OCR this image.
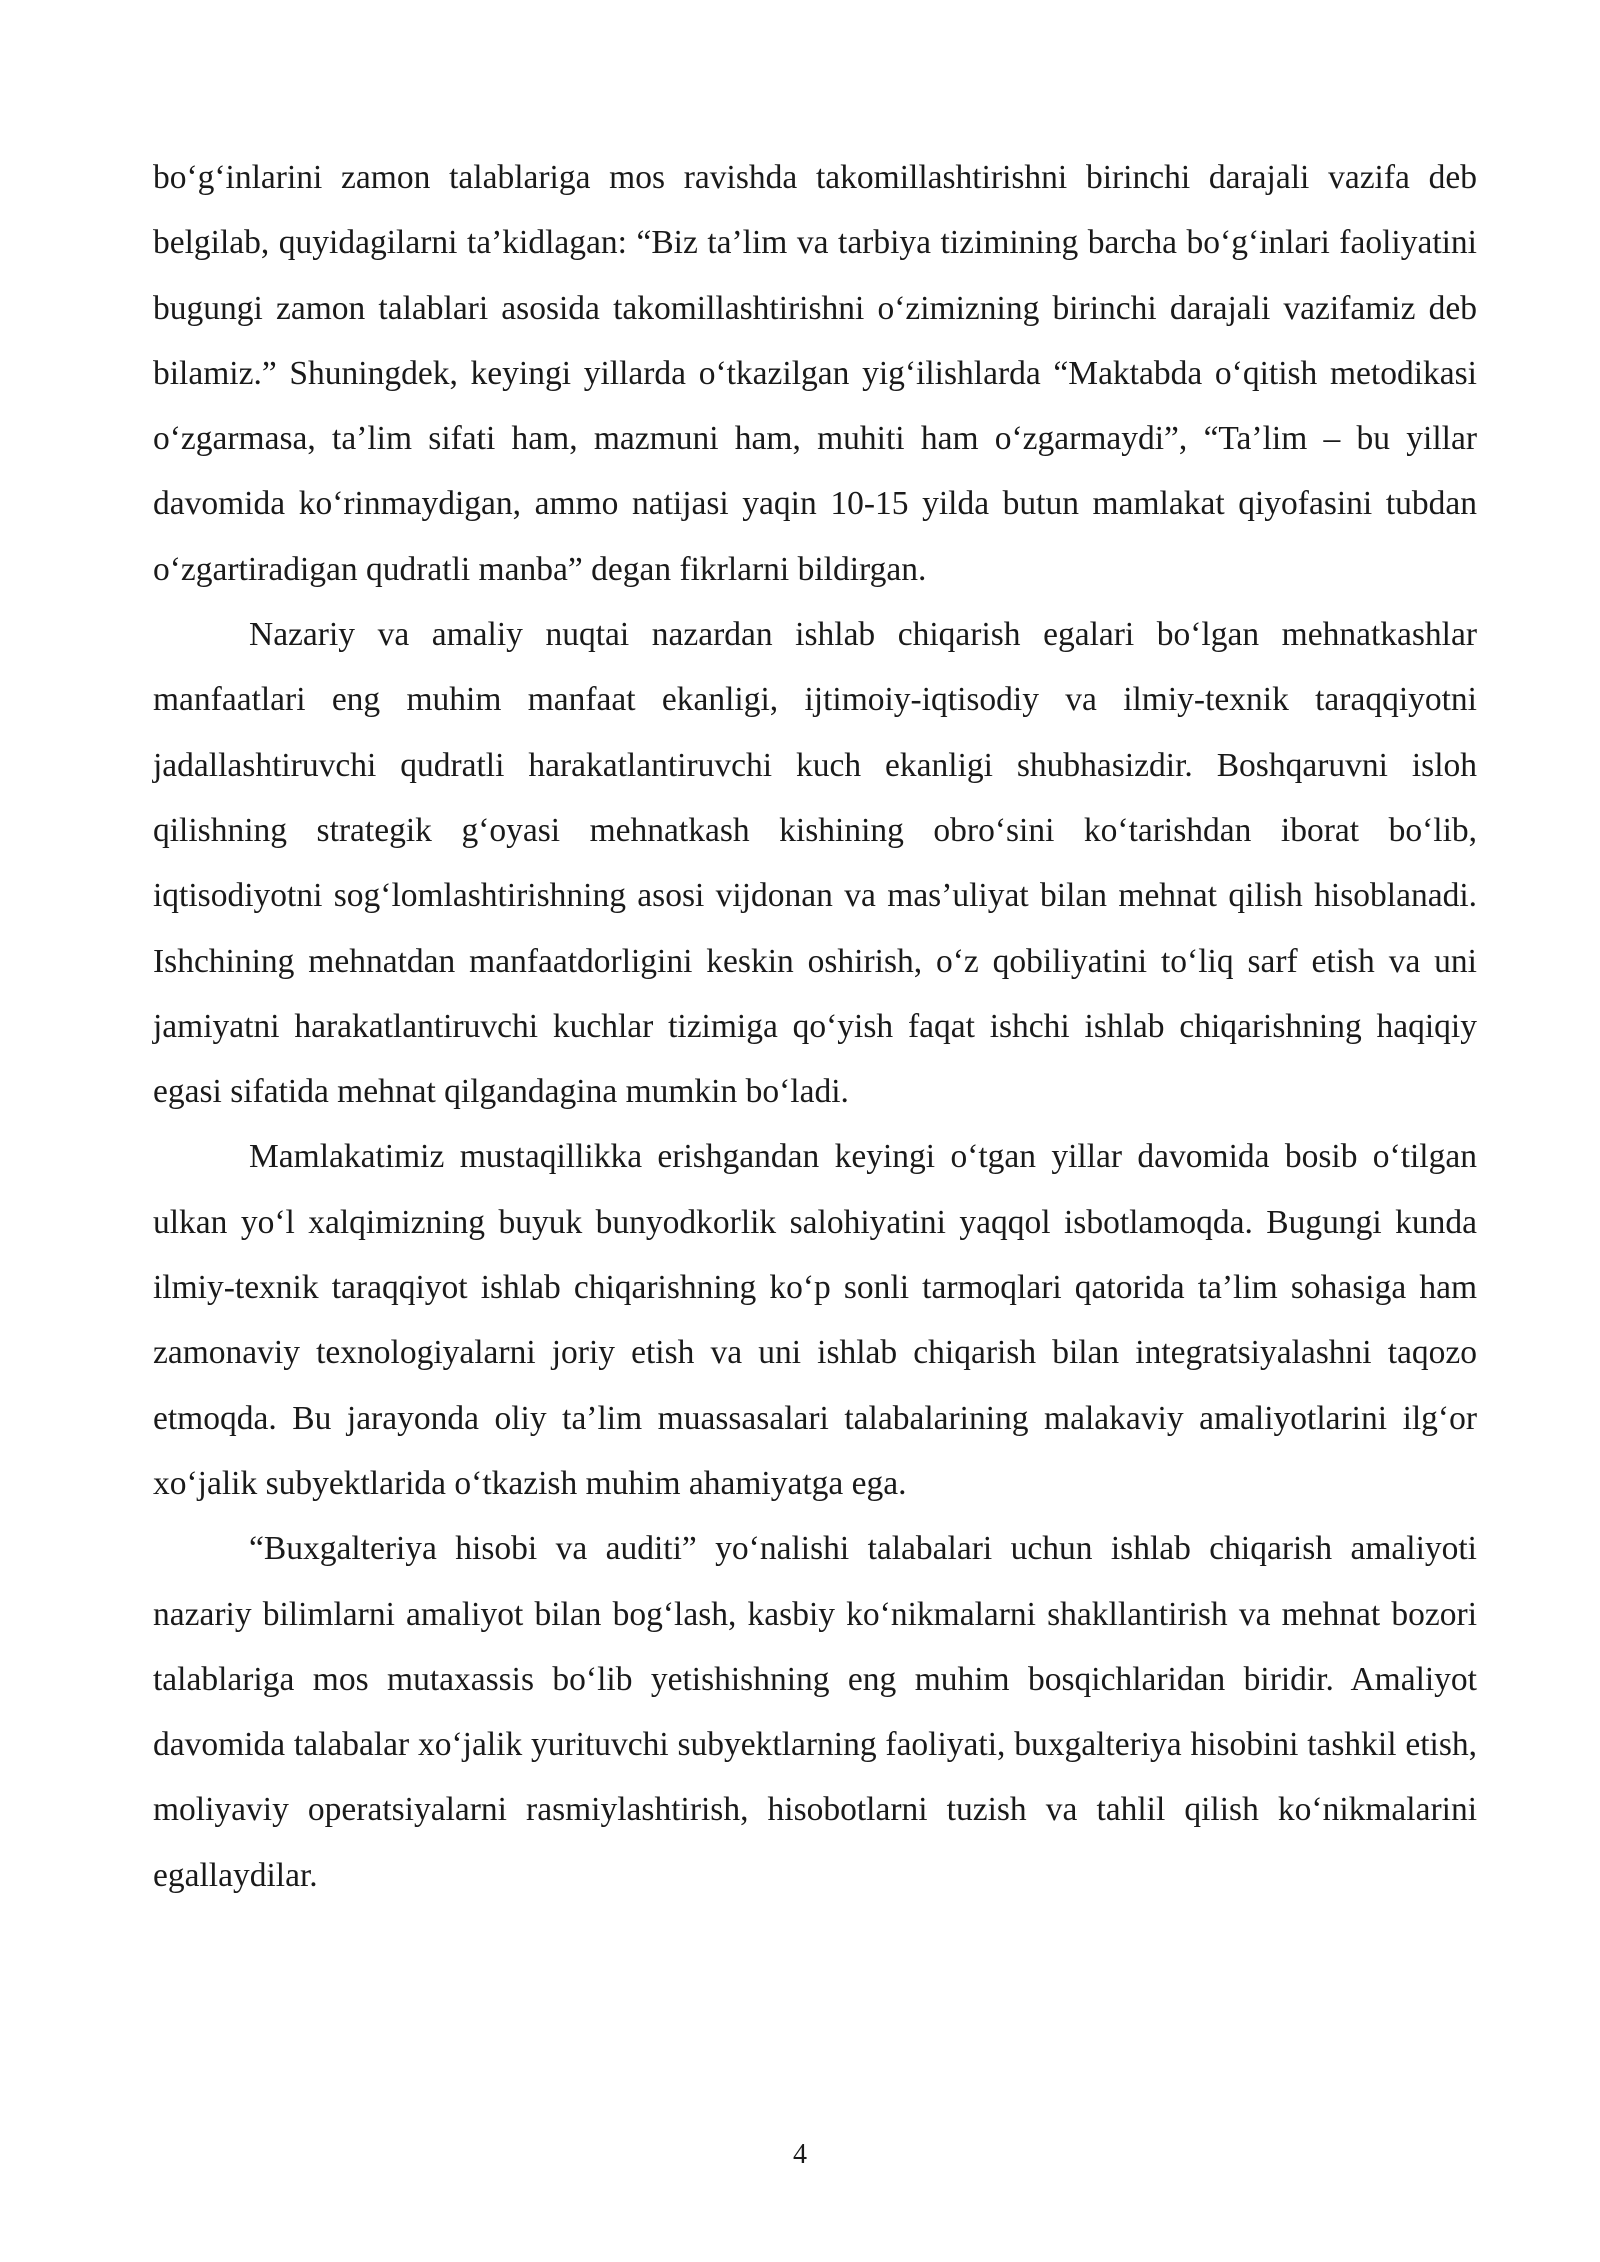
bo‘g‘inlarini zamon talablariga mos ravishda takomillashtirishni birinchi darajali vazifa deb belgilab, quyidagilarni ta’kidlagan: “Biz ta’lim va tarbiya tizimining barcha bo‘g‘inlari faoliyatini bugungi zamon talablari asosida takomillashtirishni o‘zimizning birinchi darajali vazifamiz deb bilamiz.” Shuningdek, keyingi yillarda o‘tkazilgan yig‘ilishlarda “Maktabda o‘qitish metodikasi o‘zgarmasa, ta’lim sifati ham, mazmuni ham, muhiti ham o‘zgarmaydi”, “Ta’lim – bu yillar davomida ko‘rinmaydigan, ammo natijasi yaqin 10-15 yilda butun mamlakat qiyofasini tubdan o‘zgartiradigan qudratli manba” degan fikrlarni bildirgan.

Nazariy va amaliy nuqtai nazardan ishlab chiqarish egalari bo‘lgan mehnatkashlar manfaatlari eng muhim manfaat ekanligi, ijtimoiy-iqtisodiy va ilmiy-texnik taraqqiyotni jadallashtiruvchi qudratli harakatlantiruvchi kuch ekanligi shubhasizdir. Boshqaruvni isloh qilishning strategik g‘oyasi mehnatkash kishining obro‘sini ko‘tarishdan iborat bo‘lib, iqtisodiyotni sog‘lomlashtirishning asosi vijdonan va mas’uliyat bilan mehnat qilish hisoblanadi. Ishchining mehnatdan manfaatdorligini keskin oshirish, o‘z qobiliyatini to‘liq sarf etish va uni jamiyatni harakatlantiruvchi kuchlar tizimiga qo‘yish faqat ishchi ishlab chiqarishning haqiqiy egasi sifatida mehnat qilgandagina mumkin bo‘ladi.

Mamlakatimiz mustaqillikka erishgandan keyingi o‘tgan yillar davomida bosib o‘tilgan ulkan yo‘l xalqimizning buyuk bunyodkorlik salohiyatini yaqqol isbotlamoqda. Bugungi kunda ilmiy-texnik taraqqiyot ishlab chiqarishning ko‘p sonli tarmoqlari qatorida ta’lim sohasiga ham zamonaviy texnologiyalarni joriy etish va uni ishlab chiqarish bilan integratsiyalashni taqozo etmoqda. Bu jarayonda oliy ta’lim muassasalari talabalarining malakaviy amaliyotlarini ilg‘or xo‘jalik subyektlarida o‘tkazish muhim ahamiyatga ega.

“Buxgalteriya hisobi va auditi” yo‘nalishi talabalari uchun ishlab chiqarish amaliyoti nazariy bilimlarni amaliyot bilan bog‘lash, kasbiy ko‘nikmalarni shakllantirish va mehnat bozori talablariga mos mutaxassis bo‘lib yetishishning eng muhim bosqichlaridan biridir. Amaliyot davomida talabalar xo‘jalik yurituvchi subyektlarning faoliyati, buxgalteriya hisobini tashkil etish, moliyaviy operatsiyalarni rasmiylashtirish, hisobotlarni tuzish va tahlil qilish ko‘nikmalarini egallaydilar.

4
